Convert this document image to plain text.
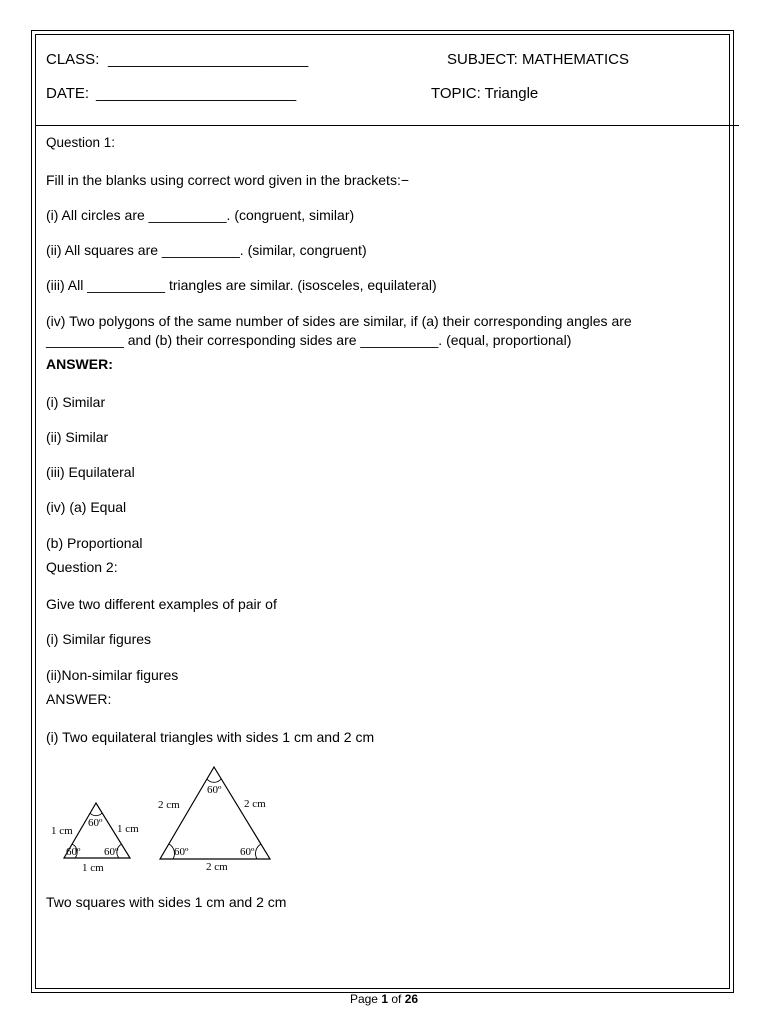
CLASS: ________________________	SUBJECT: MATHEMATICS
DATE: ________________________	TOPIC: Triangle
Question 1:
Fill in the blanks using correct word given in the brackets:−
(i) All circles are __________. (congruent, similar)
(ii) All squares are __________. (similar, congruent)
(iii) All __________ triangles are similar. (isosceles, equilateral)
(iv) Two polygons of the same number of sides are similar, if (a) their corresponding angles are
__________ and (b) their corresponding sides are __________. (equal, proportional)
ANSWER:
(i) Similar
(ii) Similar
(iii) Equilateral
(iv) (a) Equal
(b) Proportional
Question 2:
Give two different examples of pair of
(i) Similar figures
(ii)Non-similar figures
ANSWER:
(i) Two equilateral triangles with sides 1 cm and 2 cm
60º
1 cm	1 cm
60º 60º
1 cm
60º
2 cm	2 cm
60º	60º
2 cm
Two squares with sides 1 cm and 2 cm
Page 1 of 26
